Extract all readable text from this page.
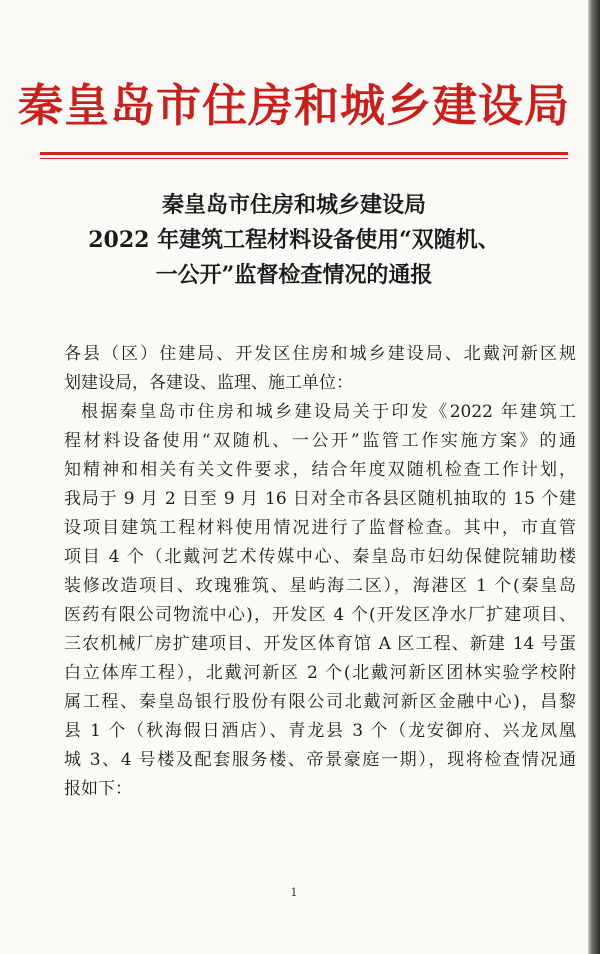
秦皇岛市住房和城乡建设局
秦皇岛市住房和城乡建设局
2022 年建筑工程材料设备使用“双随机、
一公开”监督检查情况的通报
各县（区）住建局、开发区住房和城乡建设局、北戴河新区规
划建设局，各建设、监理、施工单位：
根据秦皇岛市住房和城乡建设局关于印发《2022 年建筑工
程材料设备使用“双随机、一公开”监管工作实施方案》的通
知精神和相关有关文件要求，结合年度双随机检查工作计划，
我局于 9 月 2 日至 9 月 16 日对全市各县区随机抽取的 15 个建
设项目建筑工程材料使用情况进行了监督检查。其中，市直管
项目 4 个（北戴河艺术传媒中心、秦皇岛市妇幼保健院辅助楼
装修改造项目、玫瑰雅筑、星屿海二区），海港区 1 个(秦皇岛
医药有限公司物流中心)，开发区 4 个(开发区净水厂扩建项目、
三农机械厂房扩建项目、开发区体育馆 A 区工程、新建 14 号蛋
白立体库工程），北戴河新区 2 个(北戴河新区团林实验学校附
属工程、秦皇岛银行股份有限公司北戴河新区金融中心)，昌黎
县 1 个（秋海假日酒店）、青龙县 3 个（龙安御府、兴龙凤凰
城 3、4 号楼及配套服务楼、帝景豪庭一期），现将检查情况通
报如下：
1
